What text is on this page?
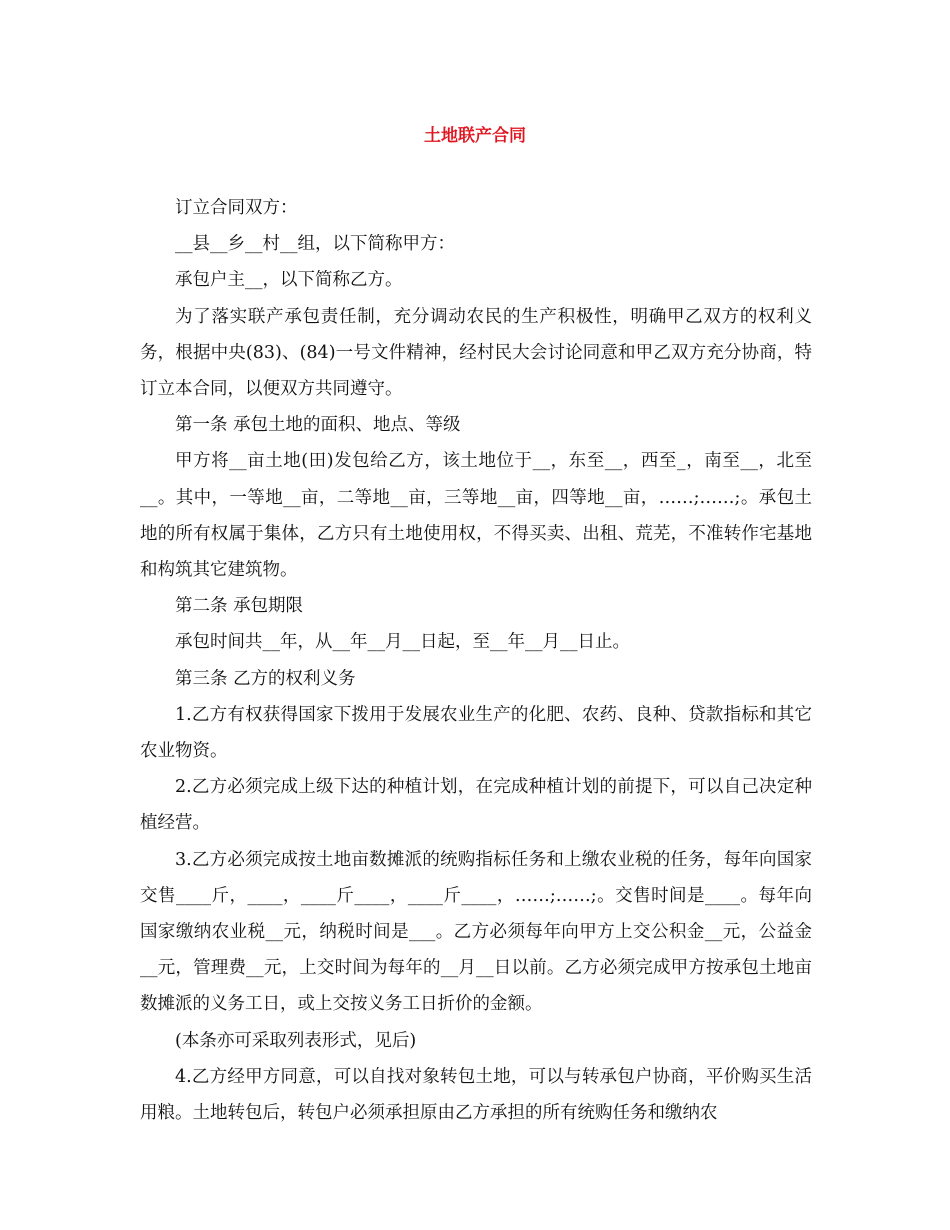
土地联产合同

订立合同双方：

__县__乡__村__组，以下简称甲方：

承包户主__，以下简称乙方。

为了落实联产承包责任制，充分调动农民的生产积极性，明确甲乙双方的权利义务，根据中央(83)、(84)一号文件精神，经村民大会讨论同意和甲乙双方充分协商，特订立本合同，以便双方共同遵守。

第一条 承包土地的面积、地点、等级

甲方将__亩土地(田)发包给乙方，该土地位于__，东至__，西至_，南至__，北至__。其中，一等地__亩，二等地__亩，三等地__亩，四等地__亩，……;……;。承包土地的所有权属于集体，乙方只有土地使用权，不得买卖、出租、荒芜，不准转作宅基地和构筑其它建筑物。

第二条 承包期限

承包时间共__年，从__年__月__日起，至__年__月__日止。

第三条 乙方的权利义务

1.乙方有权获得国家下拨用于发展农业生产的化肥、农药、良种、贷款指标和其它农业物资。

2.乙方必须完成上级下达的种植计划，在完成种植计划的前提下，可以自己决定种植经营。

3.乙方必须完成按土地亩数摊派的统购指标任务和上缴农业税的任务，每年向国家交售____斤，____，____斤____，____斤____，……;……;。交售时间是____。每年向国家缴纳农业税__元，纳税时间是___。乙方必须每年向甲方上交公积金__元，公益金__元，管理费__元，上交时间为每年的__月__日以前。乙方必须完成甲方按承包土地亩数摊派的义务工日，或上交按义务工日折价的金额。

(本条亦可采取列表形式，见后)

4.乙方经甲方同意，可以自找对象转包土地，可以与转承包户协商，平价购买生活用粮。土地转包后，转包户必须承担原由乙方承担的所有统购任务和缴纳农
